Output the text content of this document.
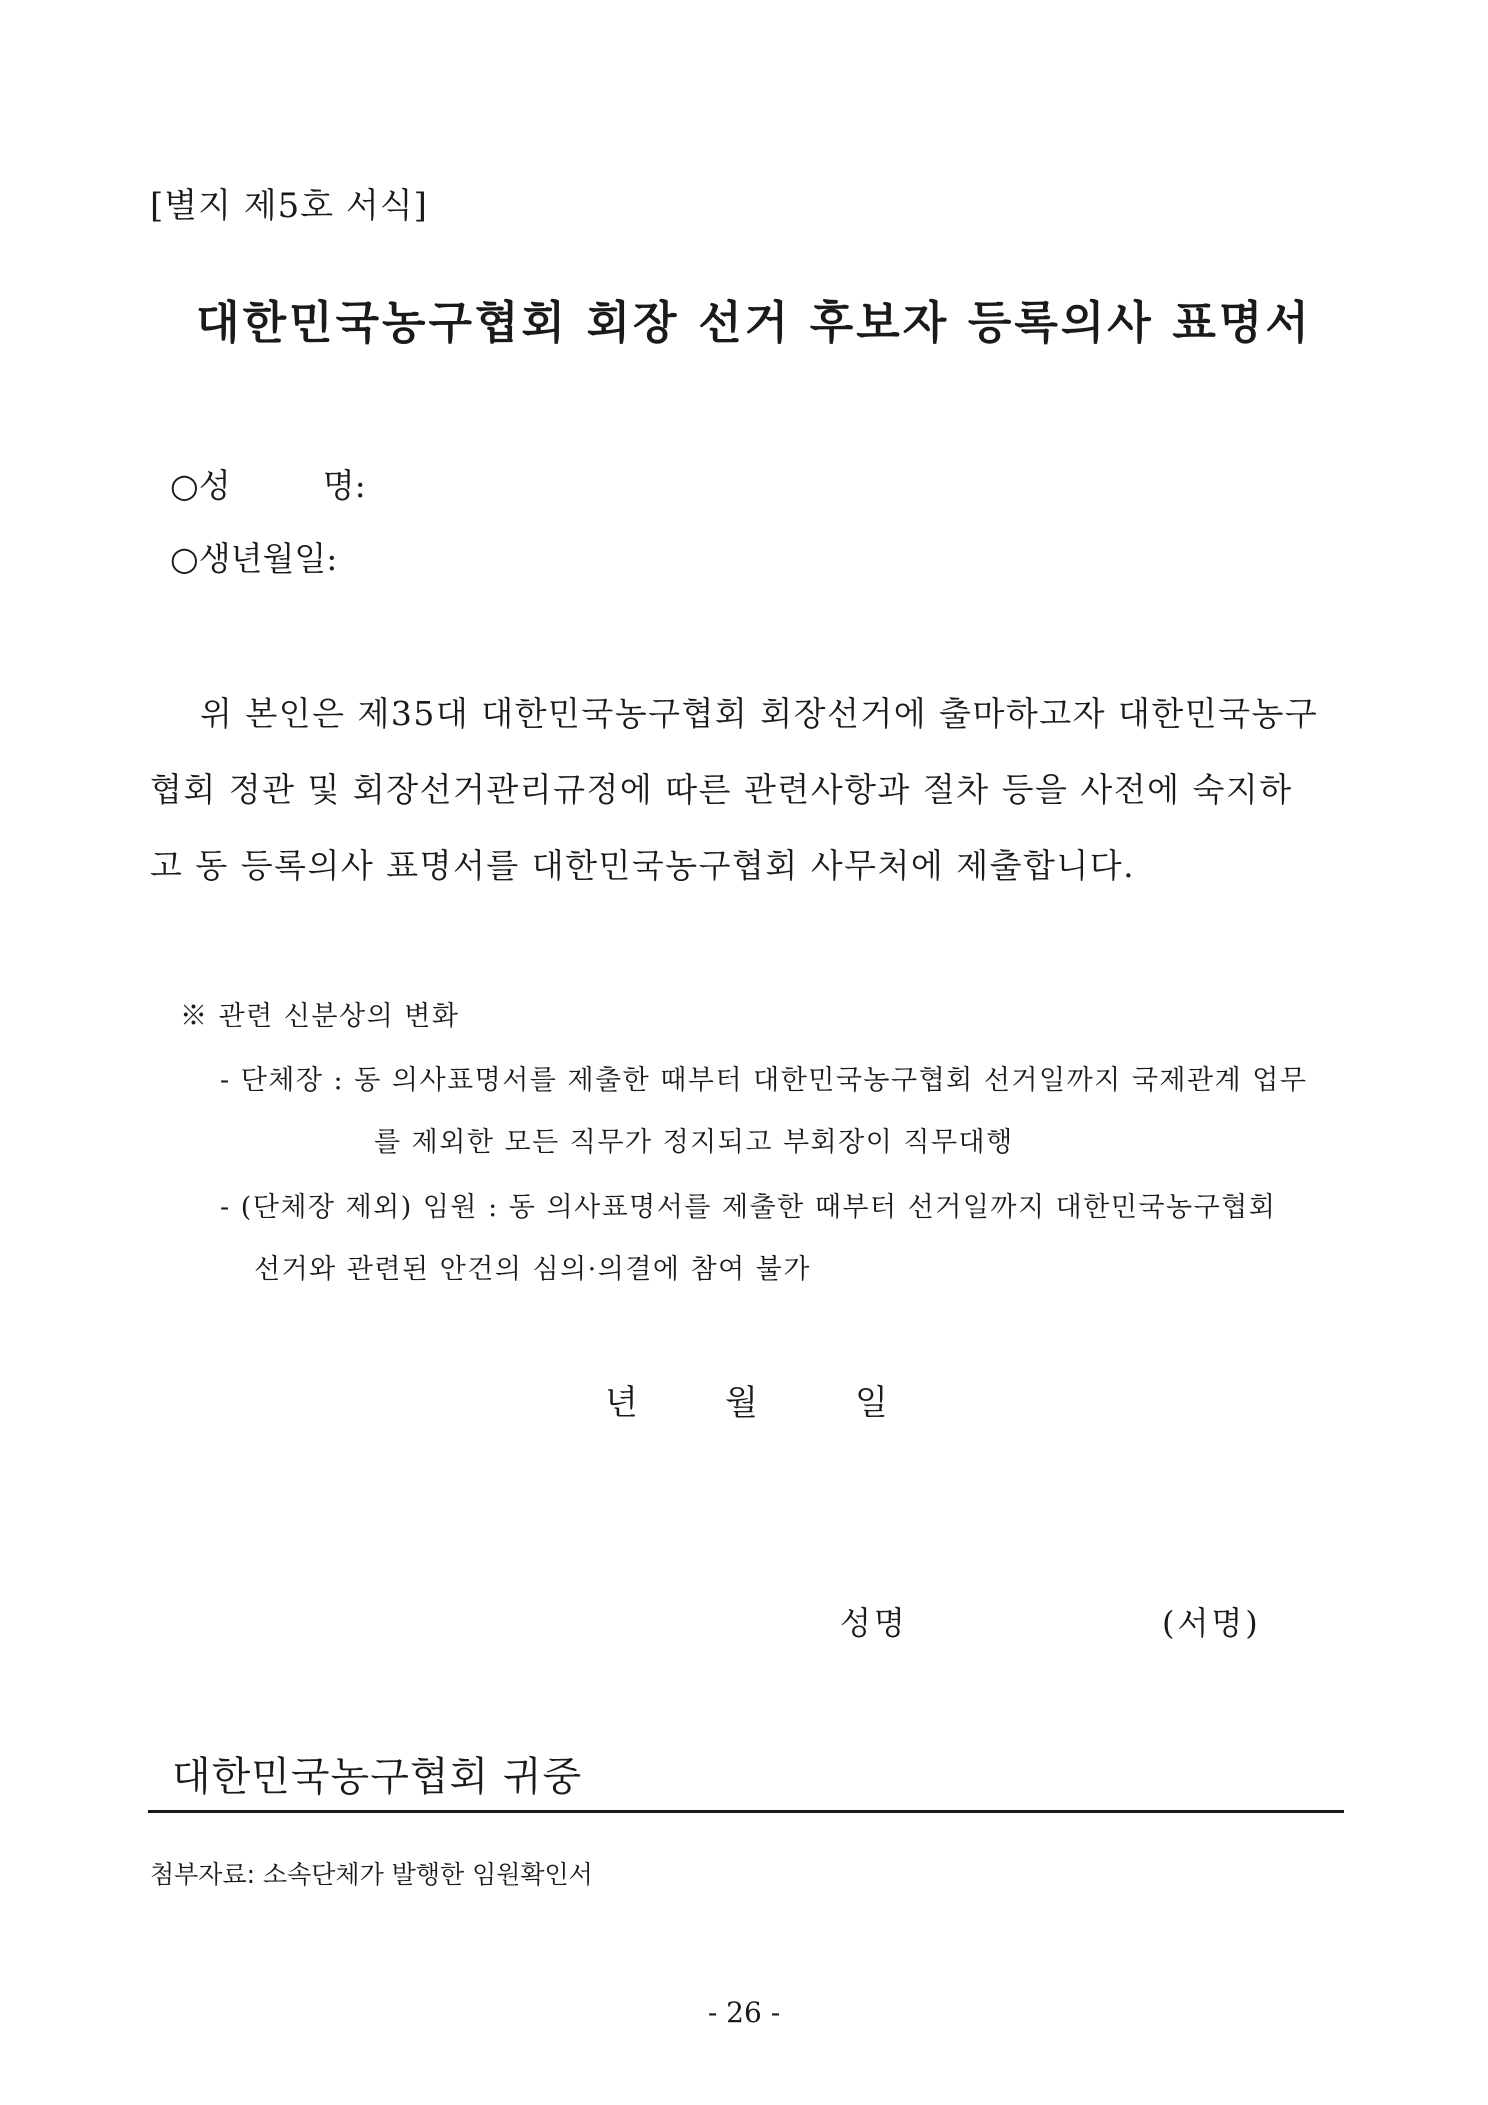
[별지 제5호 서식]
대한민국농구협회 회장 선거 후보자 등록의사 표명서
○성	명:
○생년월일:
위 본인은 제35대 대한민국농구협회 회장선거에 출마하고자 대한민국농구
협회 정관 및 회장선거관리규정에 따른 관련사항과 절차 등을 사전에 숙지하
고 동 등록의사 표명서를 대한민국농구협회 사무처에 제출합니다.
※ 관련 신분상의 변화
- 단체장 : 동 의사표명서를 제출한 때부터 대한민국농구협회 선거일까지 국제관계 업무
를 제외한 모든 직무가 정지되고 부회장이 직무대행
- (단체장 제외) 임원 : 동 의사표명서를 제출한 때부터 선거일까지 대한민국농구협회
선거와 관련된 안건의 심의·의결에 참여 불가
년	월	일
성명	(서명)
대한민국농구협회 귀중
첨부자료: 소속단체가 발행한 임원확인서
- 26 -
